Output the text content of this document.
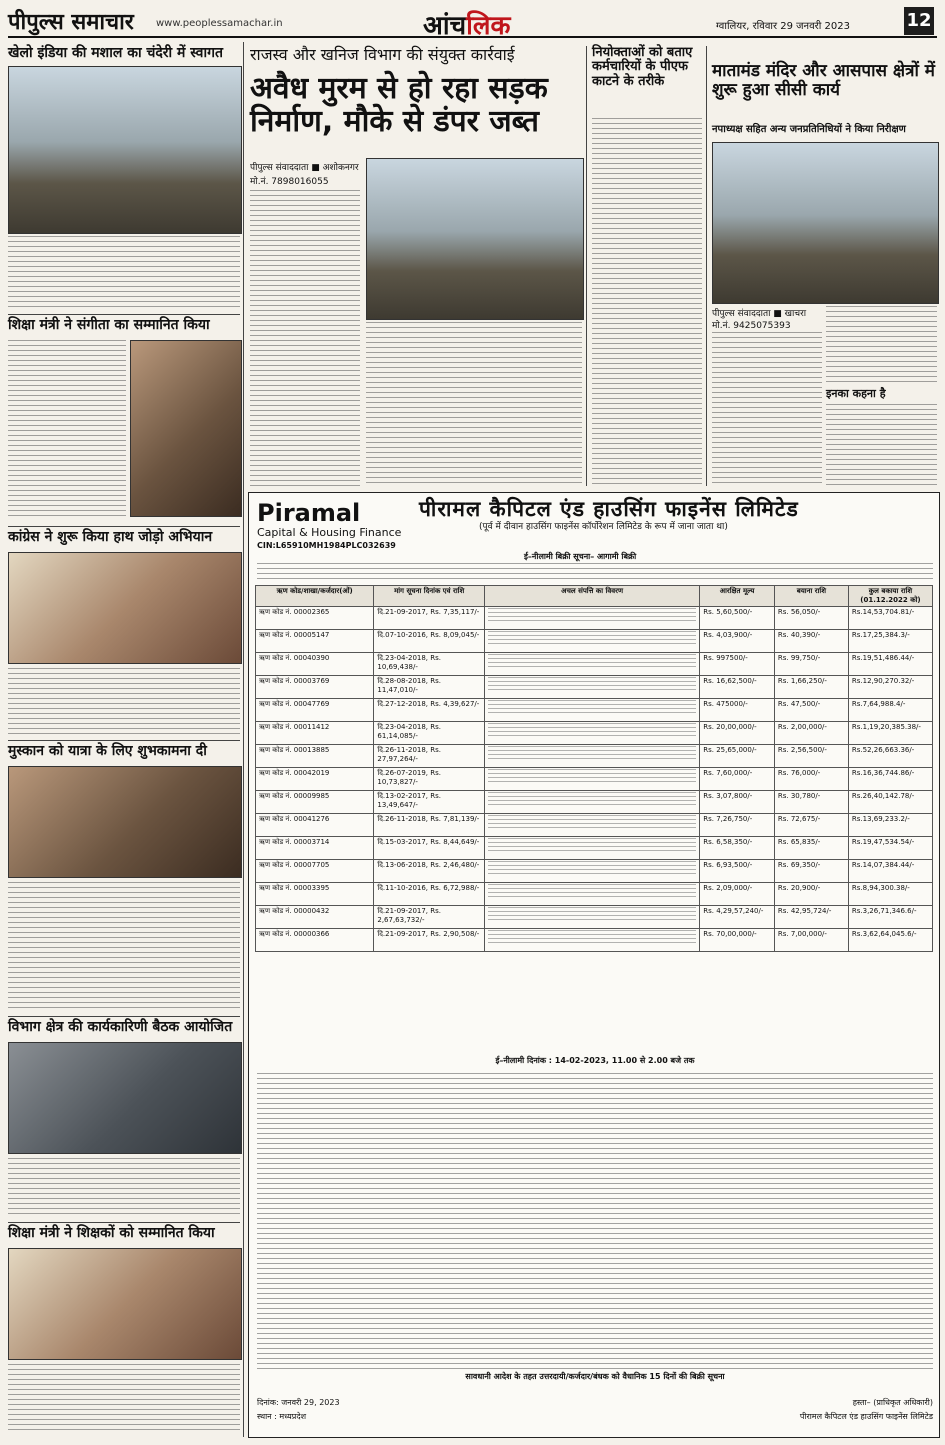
पीपुल्स समाचार www.peoplessamachar.in	आंचलिक	ग्वालियर, रविवार 29 जनवरी 2023	12
खेलो इंडिया की मशाल का चंदेरी में स्वागत
शिक्षा मंत्री ने संगीता का सम्मानित किया
कांग्रेस ने शुरू किया हाथ जोड़ो अभियान
मुस्कान को यात्रा के लिए शुभकामना दी
विभाग क्षेत्र की कार्यकारिणी बैठक आयोजित
शिक्षा मंत्री ने शिक्षकों को सम्मानित किया
राजस्व और खनिज विभाग की संयुक्त कार्रवाई
अवैध मुरम से हो रहा सड़क निर्माण, मौके से डंपर जब्त
पीपुल्स संवाददाता ■ अशोकनगर
मो.नं. 7898016055
नियोक्ताओं को बताए कर्मचारियों के पीएफ काटने के तरीके
मातामंड मंदिर और आसपास क्षेत्रों में शुरू हुआ सीसी कार्य
नपाध्यक्ष सहित अन्य जनप्रतिनिधियों ने किया निरीक्षण
पीपुल्स संवाददाता ■ खाचरा
मो.नं. 9425075393
इनका कहना है
Piramal
Capital & Housing Finance
पीरामल कैपिटल एंड हाउसिंग फाइनेंस लिमिटेड
(पूर्व में दीवान हाउसिंग फाइनेंस कॉर्पोरेशन लिमिटेड के रूप में जाना जाता था)
CIN:L65910MH1984PLC032639
ई–नीलामी बिक्री सूचना– आगामी बिक्री
ऋण कोड/शाखा/कर्जदार(ओं)	मांग सूचना दिनांक एवं राशि	अचल संपत्ति का विवरण	आरक्षित मूल्य	बयाना राशि	कुल बकाया राशि (01.12.2022 को)
ऋण कोड नं. 00002365	दि.21-09-2017, Rs. 7,35,117/-		Rs. 5,60,500/-	Rs. 56,050/-	Rs.14,53,704.81/-
ऋण कोड नं. 00005147	दि.07-10-2016, Rs. 8,09,045/-		Rs. 4,03,900/-	Rs. 40,390/-	Rs.17,25,384.3/-
ऋण कोड नं. 00040390	दि.23-04-2018, Rs. 10,69,438/-		Rs. 997500/-	Rs. 99,750/-	Rs.19,51,486.44/-
ऋण कोड नं. 00003769	दि.28-08-2018, Rs. 11,47,010/-		Rs. 16,62,500/-	Rs. 1,66,250/-	Rs.12,90,270.32/-
ऋण कोड नं. 00047769	दि.27-12-2018, Rs. 4,39,627/-		Rs. 475000/-	Rs. 47,500/-	Rs.7,64,988.4/-
ऋण कोड नं. 00011412	दि.23-04-2018, Rs. 61,14,085/-		Rs. 20,00,000/-	Rs. 2,00,000/-	Rs.1,19,20,385.38/-
ऋण कोड नं. 00013885	दि.26-11-2018, Rs. 27,97,264/-		Rs. 25,65,000/-	Rs. 2,56,500/-	Rs.52,26,663.36/-
ऋण कोड नं. 00042019	दि.26-07-2019, Rs. 10,73,827/-		Rs. 7,60,000/-	Rs. 76,000/-	Rs.16,36,744.86/-
ऋण कोड नं. 00009985	दि.13-02-2017, Rs. 13,49,647/-		Rs. 3,07,800/-	Rs. 30,780/-	Rs.26,40,142.78/-
ऋण कोड नं. 00041276	दि.26-11-2018, Rs. 7,81,139/-		Rs. 7,26,750/-	Rs. 72,675/-	Rs.13,69,233.2/-
ऋण कोड नं. 00003714	दि.15-03-2017, Rs. 8,44,649/-		Rs. 6,58,350/-	Rs. 65,835/-	Rs.19,47,534.54/-
ऋण कोड नं. 00007705	दि.13-06-2018, Rs. 2,46,480/-		Rs. 6,93,500/-	Rs. 69,350/-	Rs.14,07,384.44/-
ऋण कोड नं. 00003395	दि.11-10-2016, Rs. 6,72,988/-		Rs. 2,09,000/-	Rs. 20,900/-	Rs.8,94,300.38/-
ऋण कोड नं. 00000432	दि.21-09-2017, Rs. 2,67,63,732/-		Rs. 4,29,57,240/-	Rs. 42,95,724/-	Rs.3,26,71,346.6/-
ऋण कोड नं. 00000366	दि.21-09-2017, Rs. 2,90,508/-		Rs. 70,00,000/-	Rs. 7,00,000/-	Rs.3,62,64,045.6/-
ई–नीलामी दिनांक : 14-02-2023, 11.00 से 2.00 बजे तक
सावधानी आदेश के तहत उत्तरदायी/कर्जदार/बंधक को वैधानिक 15 दिनों की बिक्री सूचना
दिनांक: जनवरी 29, 2023
स्थान : मध्यप्रदेश
हस्ता– (प्राधिकृत अधिकारी)
पीरामल कैपिटल एंड हाउसिंग फाइनेंस लिमिटेड
